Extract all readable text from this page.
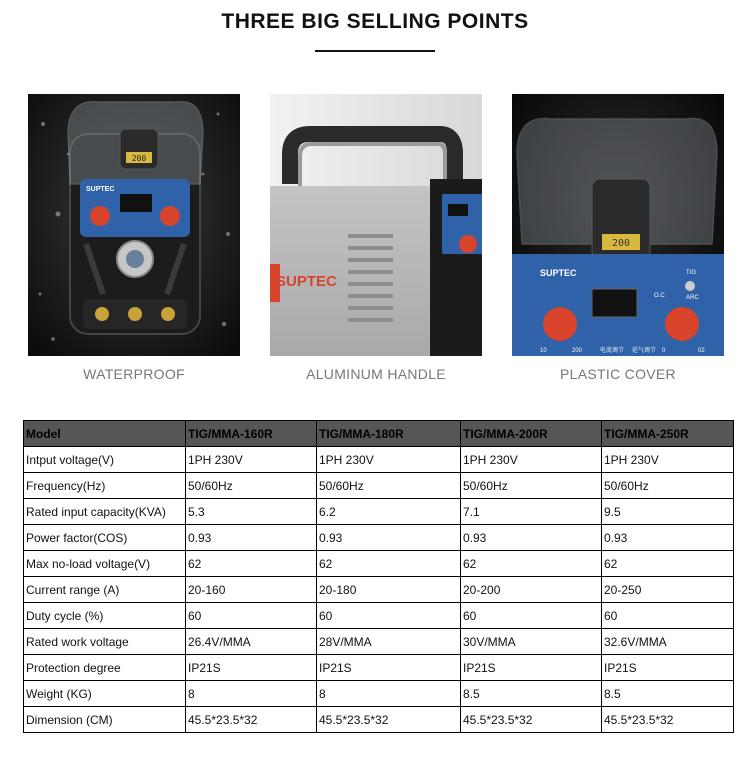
THREE BIG SELLING POINTS
200
SUPTEC
WATERPROOF
SUPTEC
ALUMINUM HANDLE
200
SUPTEC
O.C
TIG
ARC
10	200	电流调节	0	02
延气调节
PLASTIC COVER
Model	TIG/MMA-160R	TIG/MMA-180R	TIG/MMA-200R	TIG/MMA-250R
Intput voltage(V)	1PH 230V	1PH 230V	1PH 230V	1PH 230V
Frequency(Hz)	50/60Hz	50/60Hz	50/60Hz	50/60Hz
Rated input capacity(KVA)	5.3	6.2	7.1	9.5
Power factor(COS)	0.93	0.93	0.93	0.93
Max no-load voltage(V)	62	62	62	62
Current range (A)	20-160	20-180	20-200	20-250
Duty cycle (%)	60	60	60	60
Rated work voltage	26.4V/MMA	28V/MMA	30V/MMA	32.6V/MMA
Protection degree	IP21S	IP21S	IP21S	IP21S
Weight (KG)	8	8	8.5	8.5
Dimension (CM)	45.5*23.5*32	45.5*23.5*32	45.5*23.5*32	45.5*23.5*32
